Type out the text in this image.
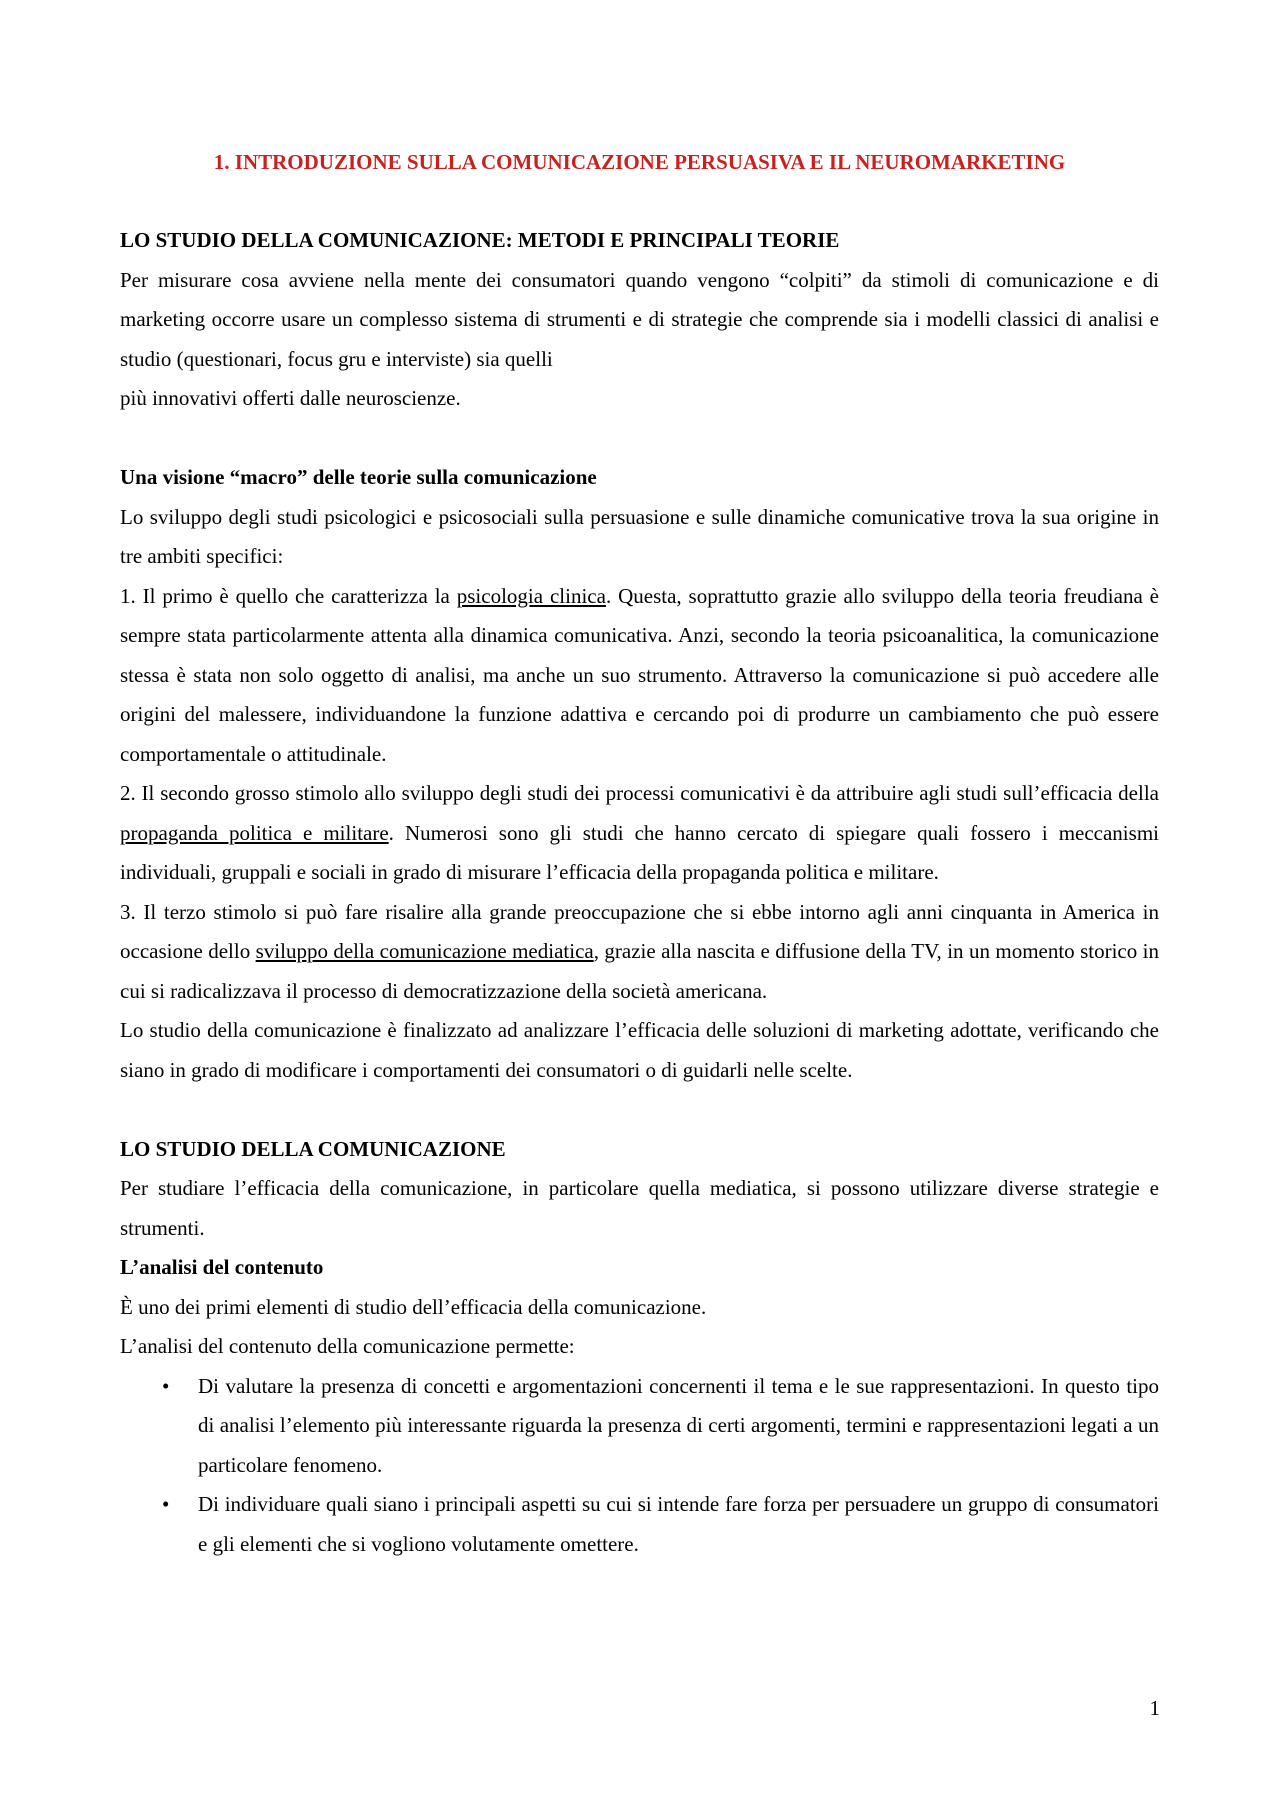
1. INTRODUZIONE SULLA COMUNICAZIONE PERSUASIVA E IL NEUROMARKETING

LO STUDIO DELLA COMUNICAZIONE: METODI E PRINCIPALI TEORIE

Per misurare cosa avviene nella mente dei consumatori quando vengono “colpiti” da stimoli di comunicazione e di marketing occorre usare un complesso sistema di strumenti e di strategie che comprende sia i modelli classici di analisi e studio (questionari, focus gru e interviste) sia quelli

più innovativi offerti dalle neuroscienze.

Una visione “macro” delle teorie sulla comunicazione

Lo sviluppo degli studi psicologici e psicosociali sulla persuasione e sulle dinamiche comunicative trova la sua origine in tre ambiti specifici:

1. Il primo è quello che caratterizza la psicologia clinica. Questa, soprattutto grazie allo sviluppo della teoria freudiana è sempre stata particolarmente attenta alla dinamica comunicativa. Anzi, secondo la teoria psicoanalitica, la comunicazione stessa è stata non solo oggetto di analisi, ma anche un suo strumento. Attraverso la comunicazione si può accedere alle origini del malessere, individuandone la funzione adattiva e cercando poi di produrre un cambiamento che può essere comportamentale o attitudinale.

2. Il secondo grosso stimolo allo sviluppo degli studi dei processi comunicativi è da attribuire agli studi sull’efficacia della propaganda politica e militare. Numerosi sono gli studi che hanno cercato di spiegare quali fossero i meccanismi individuali, gruppali e sociali in grado di misurare l’efficacia della propaganda politica e militare.

3. Il terzo stimolo si può fare risalire alla grande preoccupazione che si ebbe intorno agli anni cinquanta in America in occasione dello sviluppo della comunicazione mediatica, grazie alla nascita e diffusione della TV, in un momento storico in cui si radicalizzava il processo di democratizzazione della società americana.

Lo studio della comunicazione è finalizzato ad analizzare l’efficacia delle soluzioni di marketing adottate, verificando che siano in grado di modificare i comportamenti dei consumatori o di guidarli nelle scelte.

LO STUDIO DELLA COMUNICAZIONE

Per studiare l’efficacia della comunicazione, in particolare quella mediatica, si possono utilizzare diverse strategie e strumenti.

L’analisi del contenuto

È uno dei primi elementi di studio dell’efficacia della comunicazione.

L’analisi del contenuto della comunicazione permette:

• Di valutare la presenza di concetti e argomentazioni concernenti il tema e le sue rappresentazioni. In questo tipo di analisi l’elemento più interessante riguarda la presenza di certi argomenti, termini e rappresentazioni legati a un particolare fenomeno.
• Di individuare quali siano i principali aspetti su cui si intende fare forza per persuadere un gruppo di consumatori e gli elementi che si vogliono volutamente omettere.
1
